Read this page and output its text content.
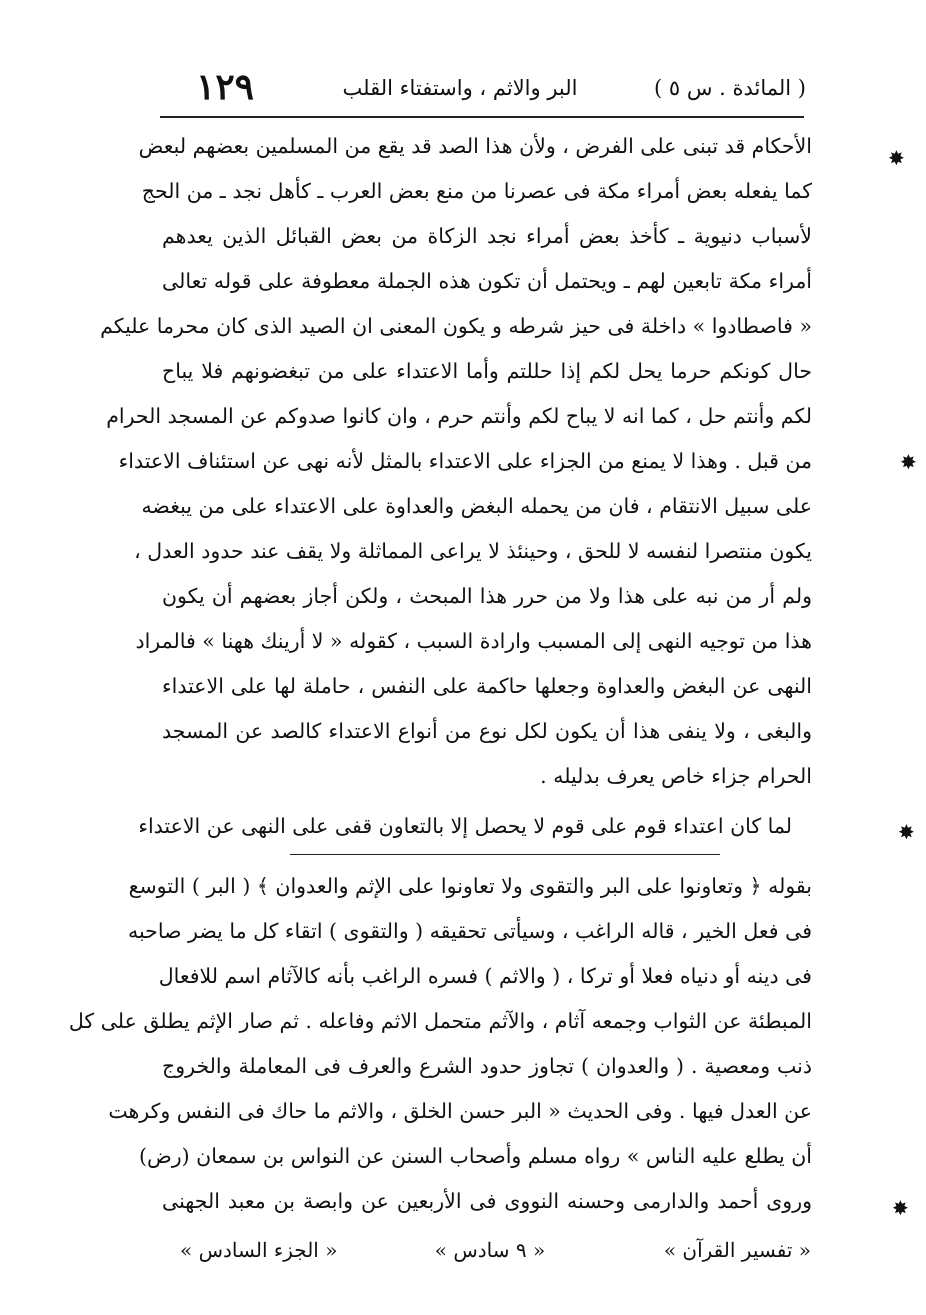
١٢٩	البر والاثم ، واستفتاء القلب	( المائدة . س ٥ )
الأحكام قد تبنى على الفرض ، ولأن هذا الصد قد يقع من المسلمين بعضهم لبعض
كما يفعله بعض أمراء مكة فى عصرنا من منع بعض العرب ـ كأهل نجد ـ من الحج
لأسباب دنيوية ـ كأخذ بعض أمراء نجد الزكاة من بعض القبائل الذين يعدهم
أمراء مكة تابعين لهم ـ ويحتمل أن تكون هذه الجملة معطوفة على قوله تعالى
« فاصطادوا » داخلة فى حيز شرطه و يكون المعنى ان الصيد الذى كان محرما عليكم
حال كونكم حرما يحل لكم إذا حللتم وأما الاعتداء على من تبغضونهم فلا يباح
لكم وأنتم حل ، كما انه لا يباح لكم وأنتم حرم ، وان كانوا صدوكم عن المسجد الحرام
من قبل . وهذا لا يمنع من الجزاء على الاعتداء بالمثل لأنه نهى عن استئناف الاعتداء
على سبيل الانتقام ، فان من يحمله البغض والعداوة على الاعتداء على من يبغضه
يكون منتصرا لنفسه لا للحق ، وحينئذ لا يراعى المماثلة ولا يقف عند حدود العدل ،
ولم أر من نبه على هذا ولا من حرر هذا المبحث ، ولكن أجاز بعضهم أن يكون
هذا من توجيه النهى إلى المسبب وارادة السبب ، كقوله « لا أرينك ههنا » فالمراد
النهى عن البغض والعداوة وجعلها حاكمة على النفس ، حاملة لها على الاعتداء
والبغى ، ولا ينفى هذا أن يكون لكل نوع من أنواع الاعتداء كالصد عن المسجد
الحرام جزاء خاص يعرف بدليله .
لما كان اعتداء قوم على قوم لا يحصل إلا بالتعاون قفى على النهى عن الاعتداء
بقوله ﴿ وتعاونوا على البر والتقوى ولا تعاونوا على الإثم والعدوان ﴾ ( البر ) التوسع
فى فعل الخير ، قاله الراغب ، وسيأتى تحقيقه ( والتقوى ) اتقاء كل ما يضر صاحبه
فى دينه أو دنياه فعلا أو تركا ، ( والاثم ) فسره الراغب بأنه كالآثام اسم للافعال
المبطئة عن الثواب وجمعه آثام ، والآثم متحمل الاثم وفاعله . ثم صار الإثم يطلق على كل
ذنب ومعصية . ( والعدوان ) تجاوز حدود الشرع والعرف فى المعاملة والخروج
عن العدل فيها . وفى الحديث « البر حسن الخلق ، والاثم ما حاك فى النفس وكرهت
أن يطلع عليه الناس » رواه مسلم وأصحاب السنن عن النواس بن سمعان (رض)
وروى أحمد والدارمى وحسنه النووى فى الأربعين عن وابصة بن معبد الجهنى
✸
✸
✸
✸
« تفسير القرآن »
« ٩ سادس »
« الجزء السادس »
